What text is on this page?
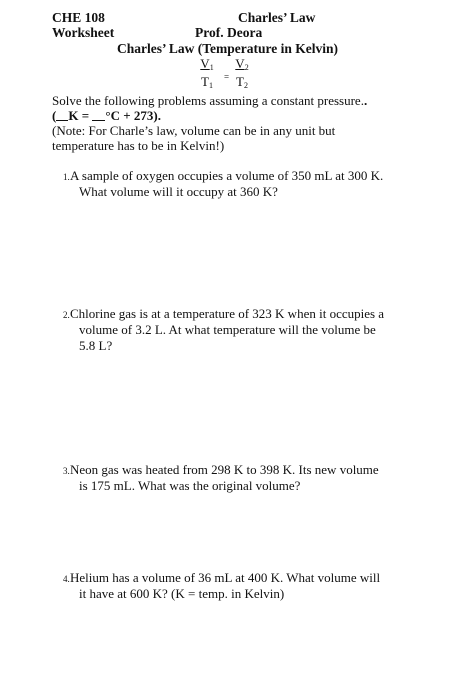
CHE 108	Charles’ Law
Worksheet	Prof. Deora
Charles’ Law (Temperature in Kelvin)
$\frac{V_1}{T_1} = \frac{V_2}{T_2}$
Solve the following problems assuming a constant pressure..
( K = °C + 273).
(Note: For Charle’s law, volume can be in any unit but
temperature has to be in Kelvin!)
1. A sample of oxygen occupies a volume of 350 mL at 300 K.
What volume will it occupy at 360 K?
2. Chlorine gas is at a temperature of 323 K when it occupies a
volume of 3.2 L. At what temperature will the volume be
5.8 L?
3. Neon gas was heated from 298 K to 398 K. Its new volume
is 175 mL. What was the original volume?
4. Helium has a volume of 36 mL at 400 K. What volume will
it have at 600 K? (K = temp. in Kelvin)
